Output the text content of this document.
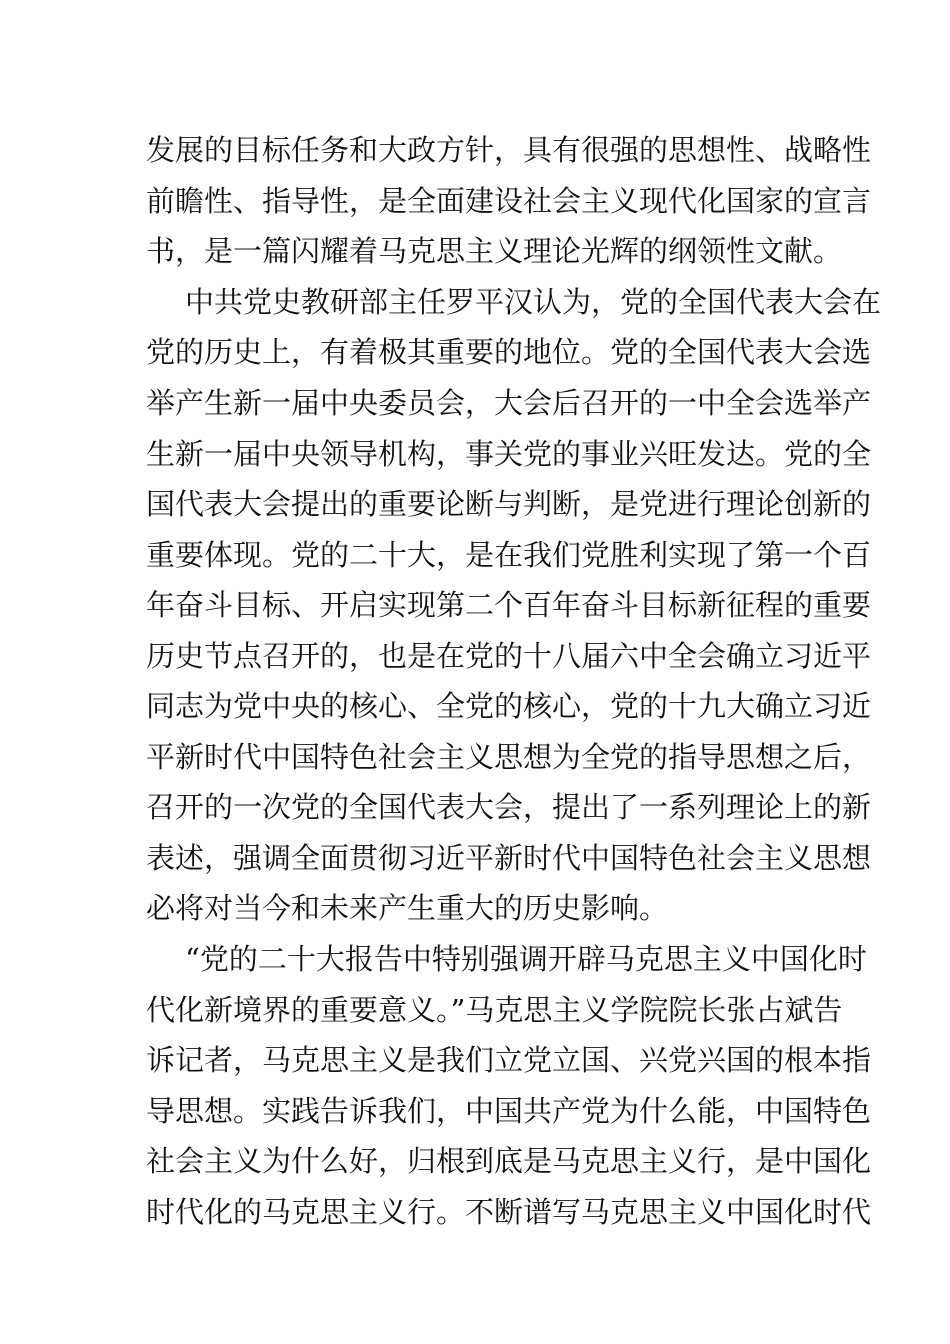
发展的目标任务和大政方针，具有很强的思想性、战略性
前瞻性、指导性，是全面建设社会主义现代化国家的宣言
书，是一篇闪耀着马克思主义理论光辉的纲领性文献。
中共党史教研部主任罗平汉认为，党的全国代表大会在
党的历史上，有着极其重要的地位。党的全国代表大会选
举产生新一届中央委员会，大会后召开的一中全会选举产
生新一届中央领导机构，事关党的事业兴旺发达。党的全
国代表大会提出的重要论断与判断，是党进行理论创新的
重要体现。党的二十大，是在我们党胜利实现了第一个百
年奋斗目标、开启实现第二个百年奋斗目标新征程的重要
历史节点召开的，也是在党的十八届六中全会确立习近平
同志为党中央的核心、全党的核心，党的十九大确立习近
平新时代中国特色社会主义思想为全党的指导思想之后，
召开的一次党的全国代表大会，提出了一系列理论上的新
表述，强调全面贯彻习近平新时代中国特色社会主义思想
必将对当今和未来产生重大的历史影响。
“党的二十大报告中特别强调开辟马克思主义中国化时
代化新境界的重要意义。”马克思主义学院院长张占斌告
诉记者，马克思主义是我们立党立国、兴党兴国的根本指
导思想。实践告诉我们，中国共产党为什么能，中国特色
社会主义为什么好，归根到底是马克思主义行，是中国化
时代化的马克思主义行。不断谱写马克思主义中国化时代
